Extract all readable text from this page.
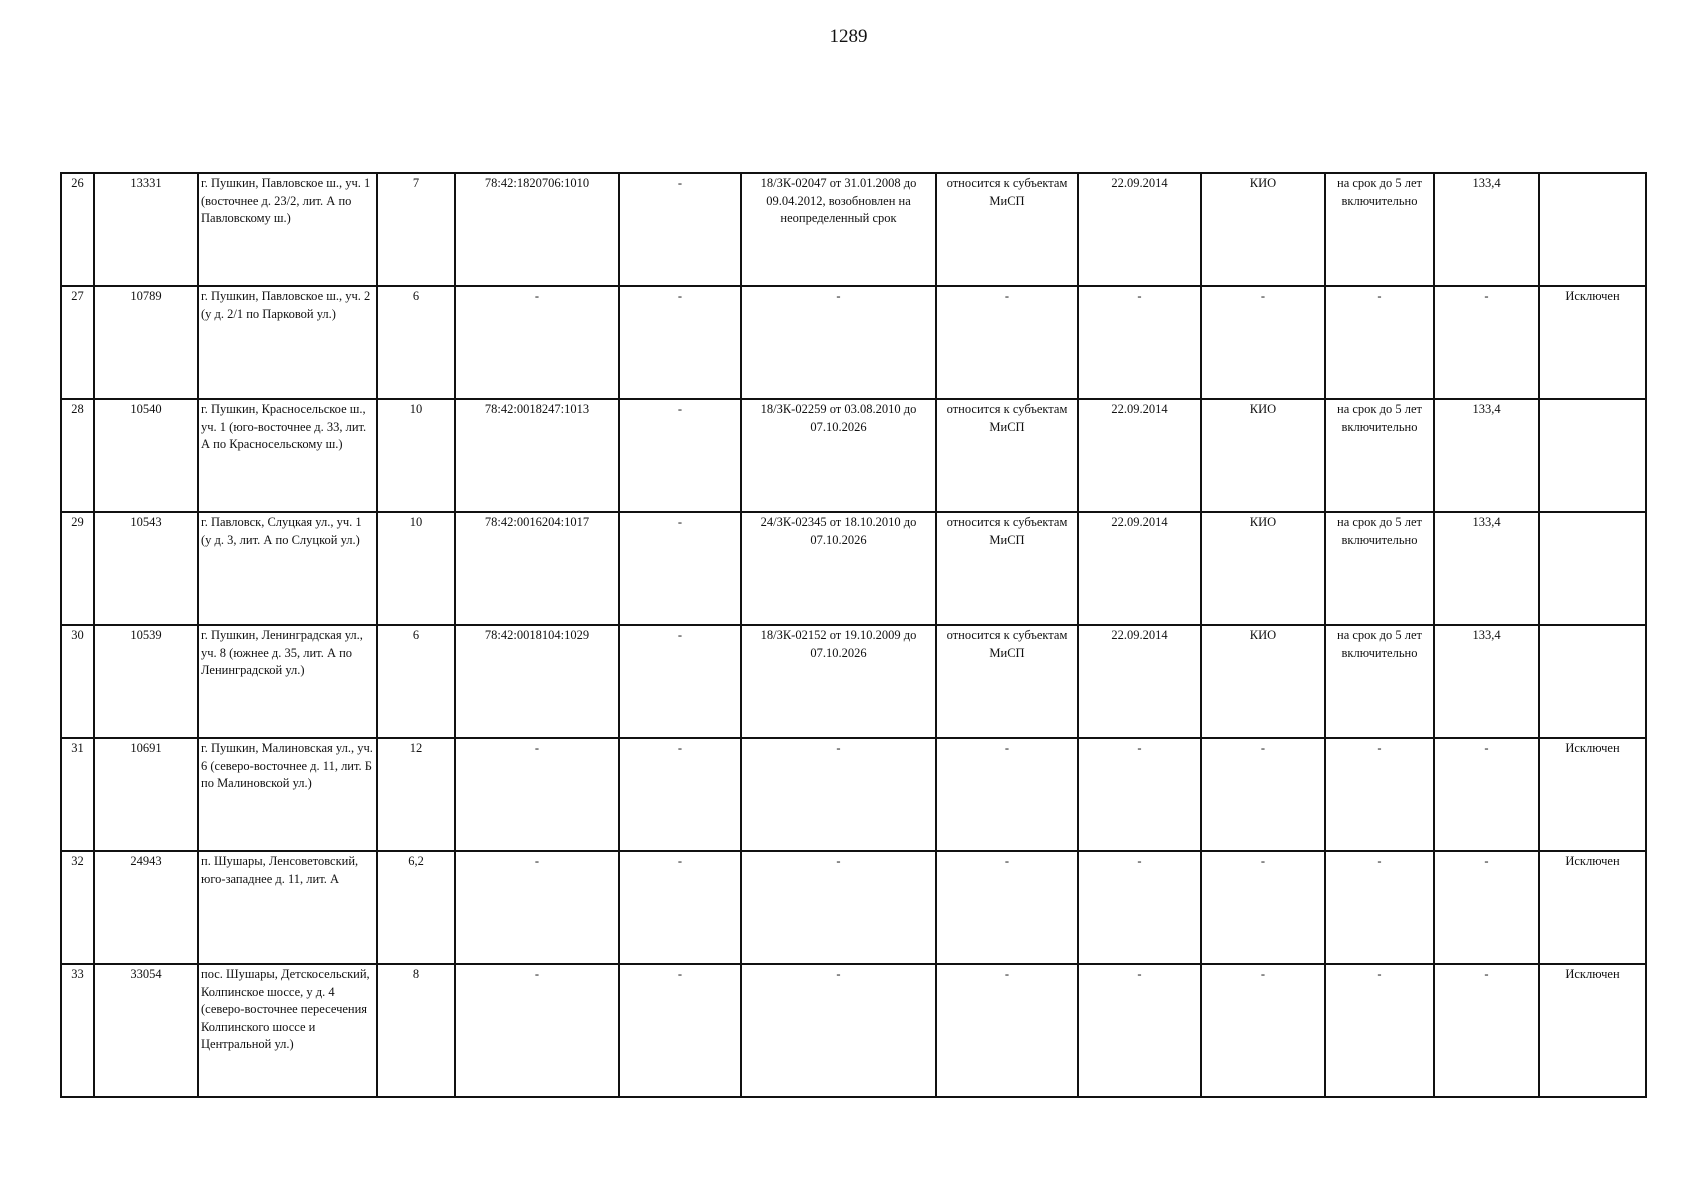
1289
26	13331	г. Пушкин, Павловское ш., уч. 1 (восточнее д. 23/2, лит. А по Павловскому ш.)	7	78:42:1820706:1010	-	18/ЗК-02047 от 31.01.2008 до 09.04.2012, возобновлен на неопределенный срок	относится к субъектам МиСП	22.09.2014	КИО	на срок до 5 лет включительно	133,4	
27	10789	г. Пушкин, Павловское ш., уч. 2 (у д. 2/1 по Парковой ул.)	6	-	-	-	-	-	-	-	-	Исключен
28	10540	г. Пушкин, Красносельское ш., уч. 1 (юго-восточнее д. 33, лит. А по Красносельскому ш.)	10	78:42:0018247:1013	-	18/ЗК-02259 от 03.08.2010 до 07.10.2026	относится к субъектам МиСП	22.09.2014	КИО	на срок до 5 лет включительно	133,4	
29	10543	г. Павловск, Слуцкая ул., уч. 1 (у д. 3, лит. А по Слуцкой ул.)	10	78:42:0016204:1017	-	24/ЗК-02345 от 18.10.2010 до 07.10.2026	относится к субъектам МиСП	22.09.2014	КИО	на срок до 5 лет включительно	133,4	
30	10539	г. Пушкин, Ленинградская ул., уч. 8 (южнее д. 35, лит. А по Ленинградской ул.)	6	78:42:0018104:1029	-	18/ЗК-02152 от 19.10.2009 до 07.10.2026	относится к субъектам МиСП	22.09.2014	КИО	на срок до 5 лет включительно	133,4	
31	10691	г. Пушкин, Малиновская ул., уч. 6 (северо-восточнее д. 11, лит. Б по Малиновской ул.)	12	-	-	-	-	-	-	-	-	Исключен
32	24943	п. Шушары, Ленсоветовский, юго-западнее д. 11, лит. А	6,2	-	-	-	-	-	-	-	-	Исключен
33	33054	пос. Шушары, Детскосельский, Колпинское шоссе, у д. 4 (северо-восточнее пересечения Колпинского шоссе и Центральной ул.)	8	-	-	-	-	-	-	-	-	Исключен
